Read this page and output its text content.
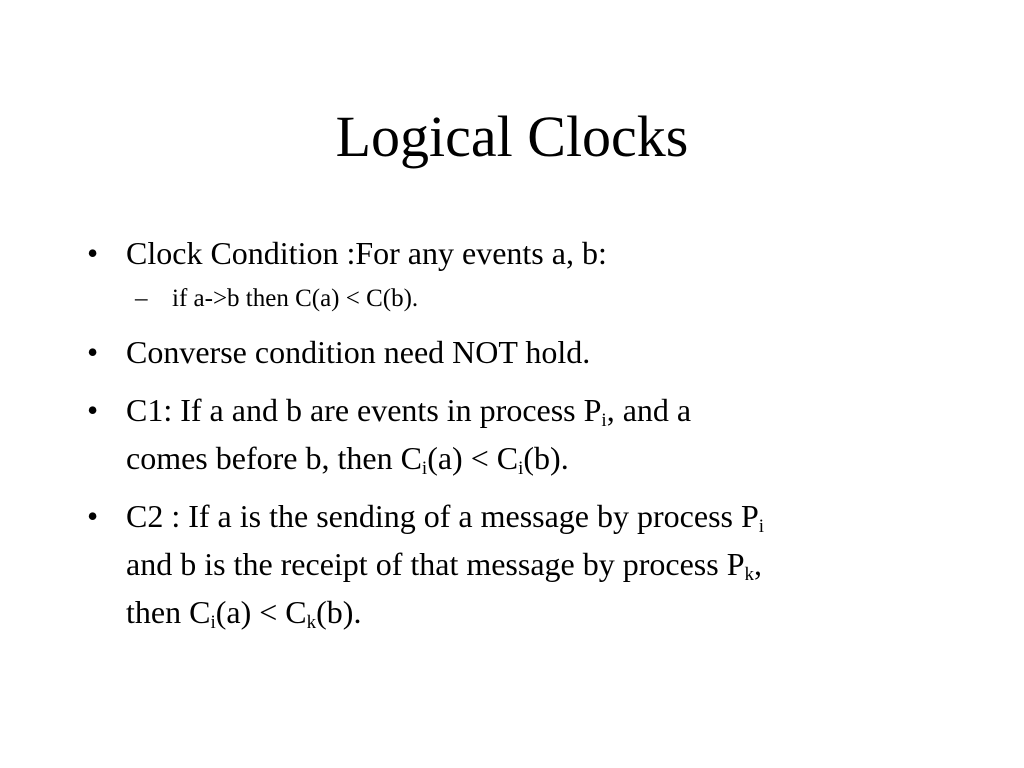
Logical Clocks
• Clock Condition :For any events a, b:
– if a->b then C(a) < C(b).
• Converse condition need NOT hold.
• C1: If a and b are events in process $P_i$, and a
comes before b, then $C_i(a) < C_i(b)$.
• C2 : If a is the sending of a message by process $P_i$
and b is the receipt of that message by process $P_k$,
then $C_i(a) < C_k(b)$.
